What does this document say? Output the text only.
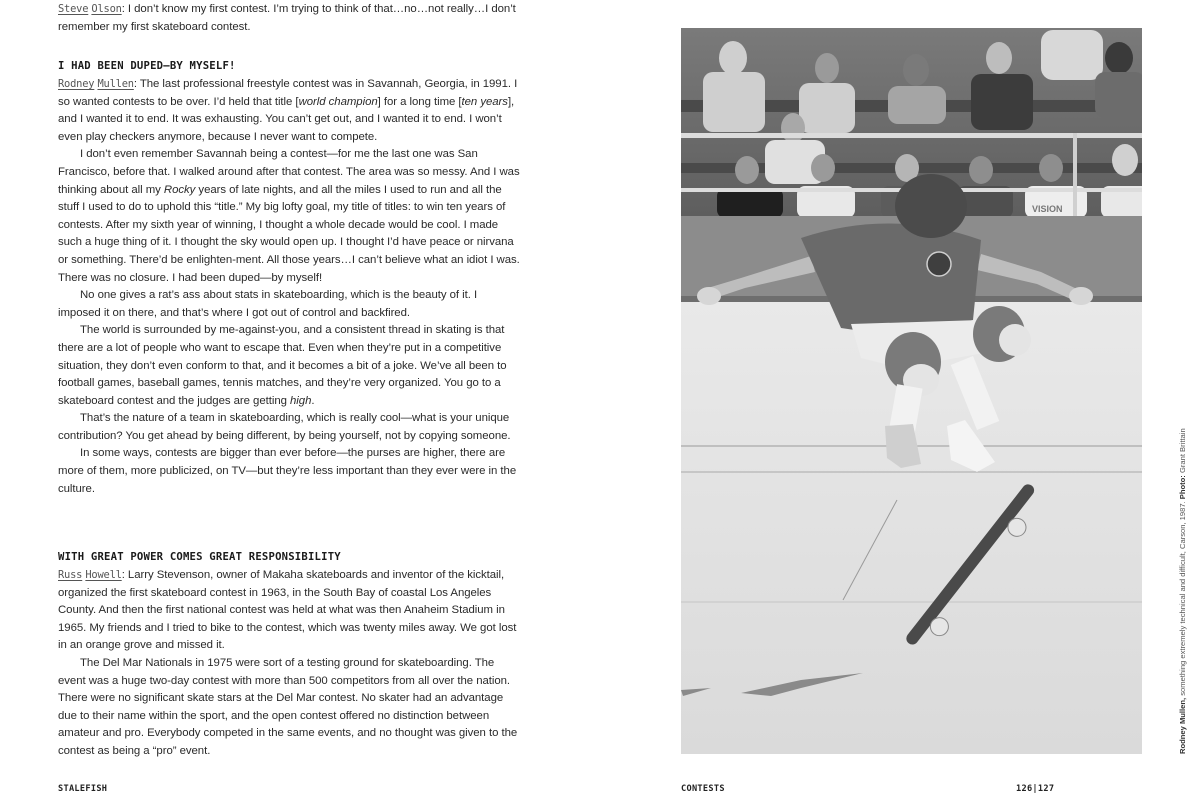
Steve Olson: I don’t know my first contest. I’m trying to think of that…no…not really…I don’t remember my first skateboard contest.

I HAD BEEN DUPED—BY MYSELF!

Rodney Mullen: The last professional freestyle contest was in Savannah, Georgia, in 1991. I so wanted contests to be over. I’d held that title [world champion] for a long time [ten years], and I wanted it to end. It was exhausting. You can’t get out, and I wanted it to end. I won’t even play checkers anymore, because I never want to compete.

I don’t even remember Savannah being a contest—for me the last one was San Francisco, before that. I walked around after that contest. The area was so messy. And I was thinking about all my Rocky years of late nights, and all the miles I used to run and all the stuff I used to do to uphold this “title.” My big lofty goal, my title of titles: to win ten years of contests. After my sixth year of winning, I thought a whole decade would be cool. I made such a huge thing of it. I thought the sky would open up. I thought I’d have peace or nirvana or something. There’d be enlighten-ment. All those years…I can’t believe what an idiot I was. There was no closure. I had been duped—by myself!

No one gives a rat’s ass about stats in skateboarding, which is the beauty of it. I imposed it on there, and that’s where I got out of control and backfired.

The world is surrounded by me-against-you, and a consistent thread in skating is that there are a lot of people who want to escape that. Even when they’re put in a competitive situation, they don’t even conform to that, and it becomes a bit of a joke. We’ve all been to football games, baseball games, tennis matches, and they’re very organized. You go to a skateboard contest and the judges are getting high.

That’s the nature of a team in skateboarding, which is really cool—what is your unique contribution? You get ahead by being different, by being yourself, not by copying someone.

In some ways, contests are bigger than ever before—the purses are higher, there are more of them, more publicized, on TV—but they’re less important than they ever were in the culture.

WITH GREAT POWER COMES GREAT RESPONSIBILITY

Russ Howell: Larry Stevenson, owner of Makaha skateboards and inventor of the kicktail, organized the first skateboard contest in 1963, in the South Bay of coastal Los Angeles County. And then the first national contest was held at what was then Anaheim Stadium in 1965. My friends and I tried to bike to the contest, which was twenty miles away. We got lost in an orange grove and missed it.

The Del Mar Nationals in 1975 were sort of a testing ground for skateboarding. The event was a huge two-day contest with more than 500 competitors from all over the nation. There were no significant skate stars at the Del Mar contest. No skater had an advantage due to their name within the sport, and the open contest offered no distinction between amateur and pro. Everybody competed in the same events, and no thought was given to the contest as being a “pro” event.

STALEFISH
VISION
Rodney Mullen, something extremely technical and difficult, Carson, 1987. Photo: Grant Brittain
CONTESTS	126|127
